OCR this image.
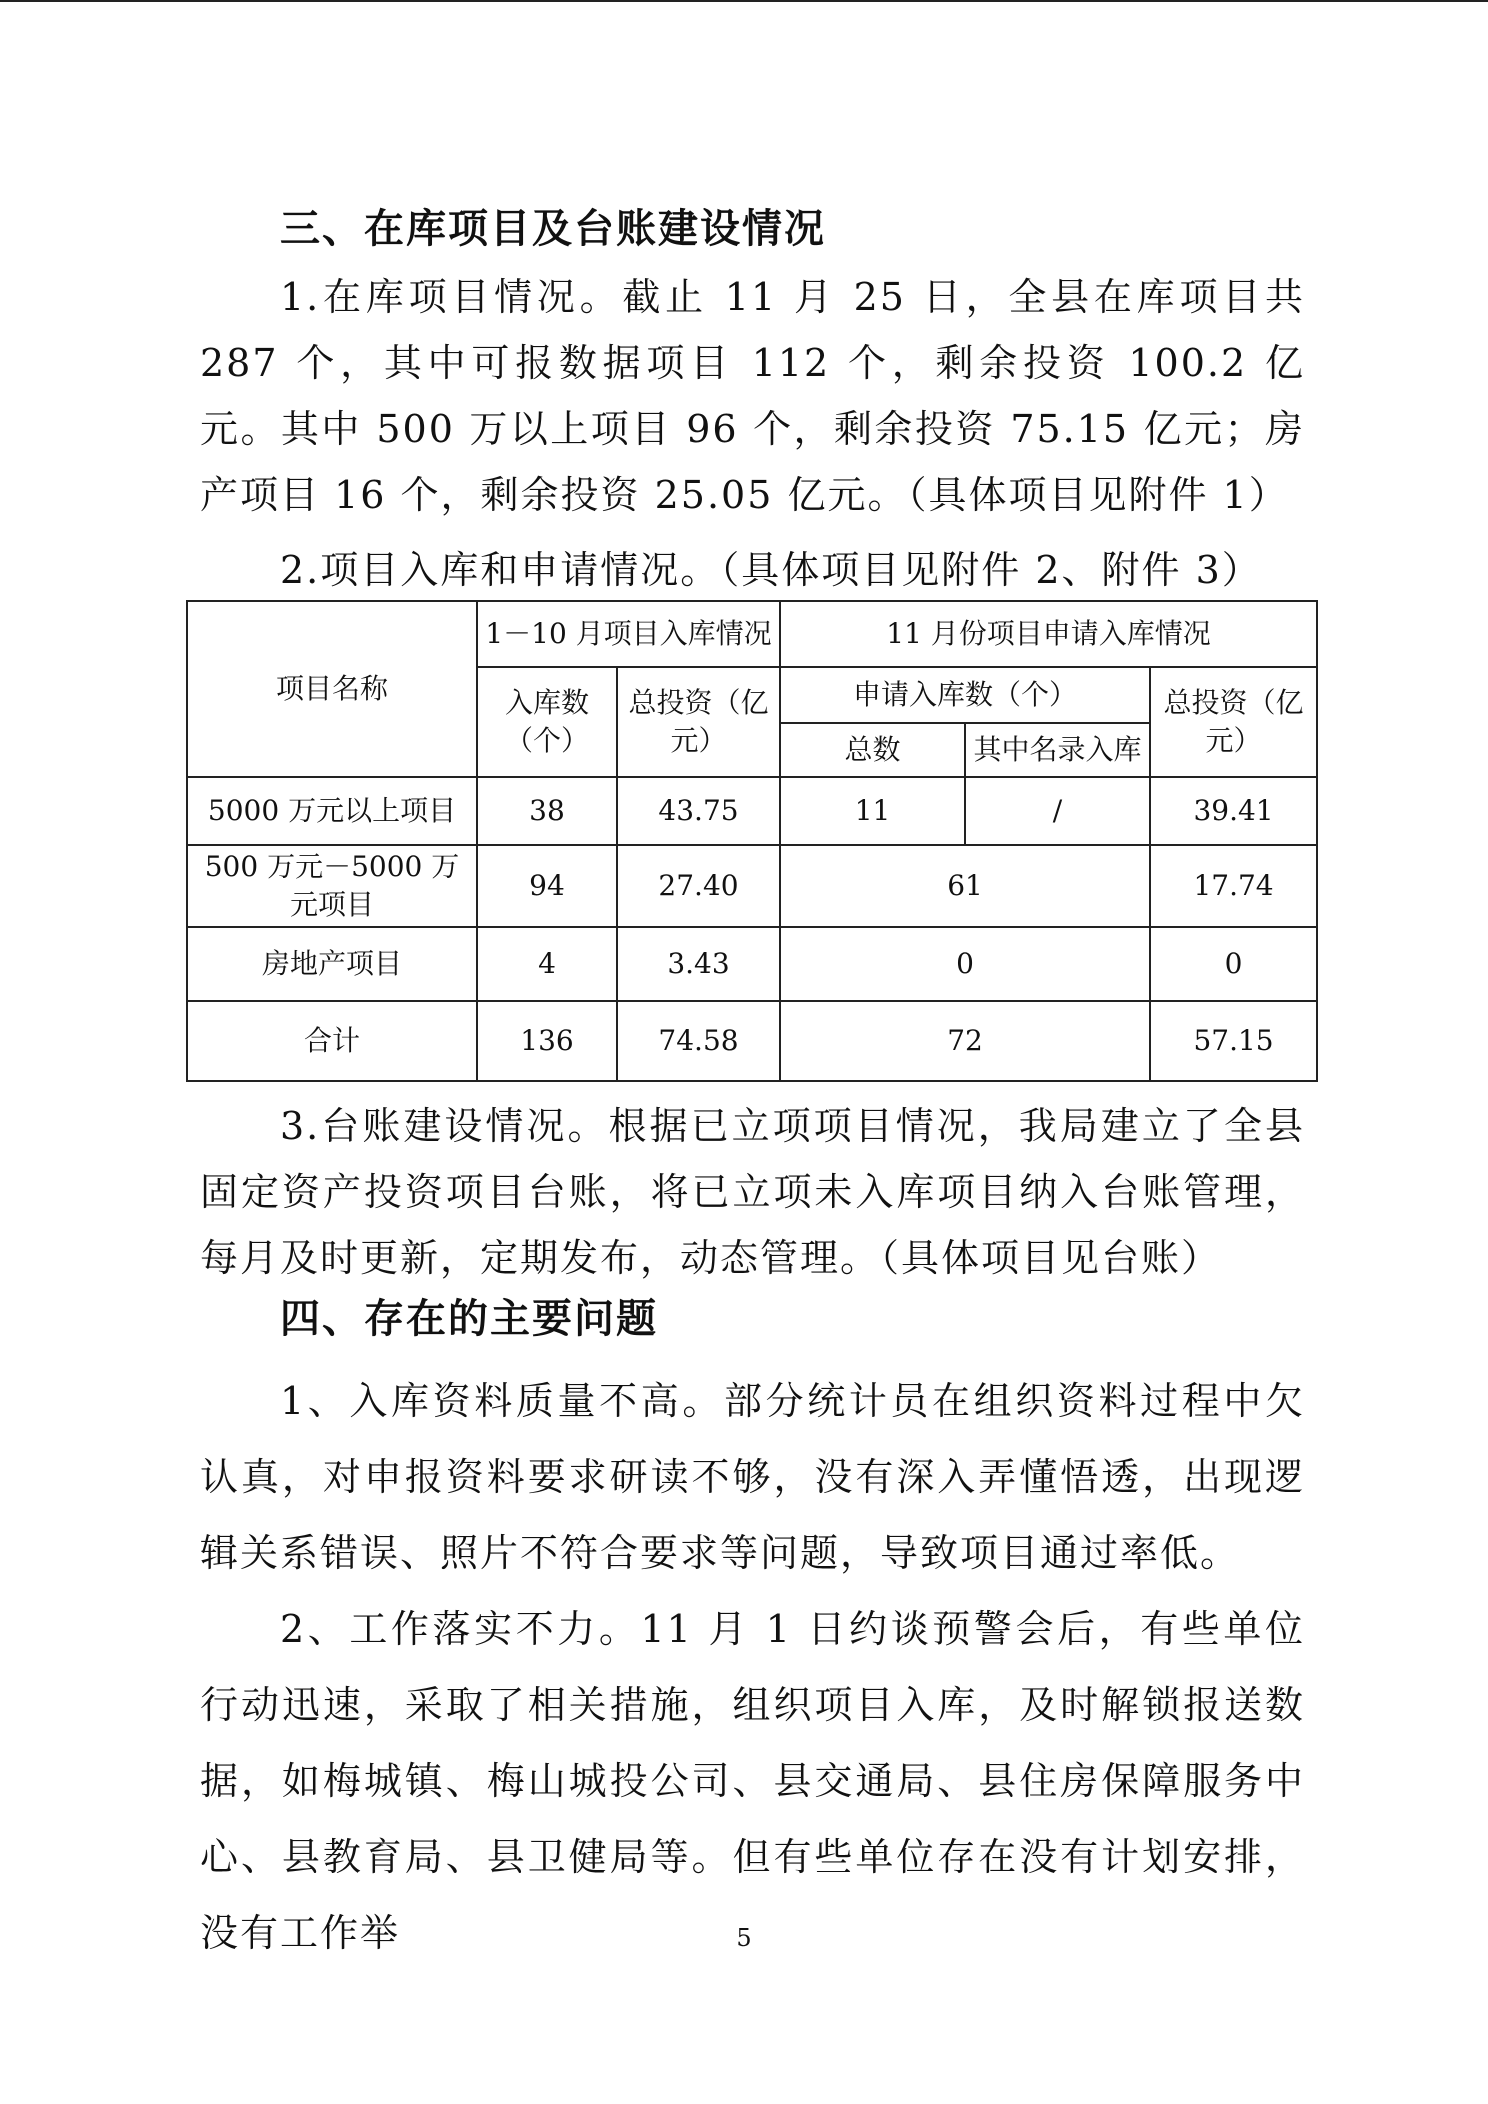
三、在库项目及台账建设情况

1.在库项目情况。截止 11 月 25 日，全县在库项目共 287 个，其中可报数据项目 112 个，剩余投资 100.2 亿元。其中 500 万以上项目 96 个，剩余投资 75.15 亿元；房产项目 16 个，剩余投资 25.05 亿元。（具体项目见附件 1）

2.项目入库和申请情况。（具体项目见附件 2、附件 3）

项目名称	1－10 月项目入库情况		11 月份项目申请入库情况		
	入库数（个）	总投资（亿元）	申请入库数（个）		总投资（亿元）
			总数	其中名录入库	
5000 万元以上项目	38	43.75	11	/	39.41
500 万元－5000 万元项目	94	27.40	61		17.74
房地产项目	4	3.43	0		0
合计	136	74.58	72		57.15

3.台账建设情况。根据已立项项目情况，我局建立了全县固定资产投资项目台账，将已立项未入库项目纳入台账管理，每月及时更新，定期发布，动态管理。（具体项目见台账）

四、存在的主要问题

1、入库资料质量不高。部分统计员在组织资料过程中欠认真，对申报资料要求研读不够，没有深入弄懂悟透，出现逻辑关系错误、照片不符合要求等问题，导致项目通过率低。

2、工作落实不力。11 月 1 日约谈预警会后，有些单位行动迅速，采取了相关措施，组织项目入库，及时解锁报送数据，如梅城镇、梅山城投公司、县交通局、县住房保障服务中心、县教育局、县卫健局等。但有些单位存在没有计划安排，没有工作举	5
